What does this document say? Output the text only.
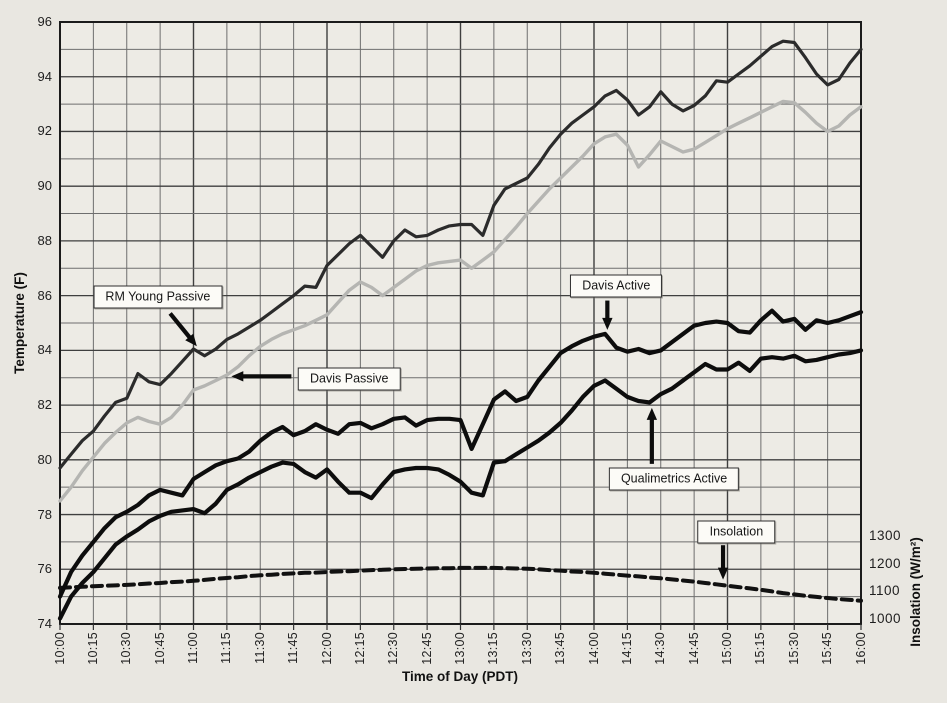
Temperature (F)
Insolation (W/m²)
Time of Day (PDT)
96
94
92
90
88
86
84
82
80
78
76
74
1300
1200
1100
1000
10:00 10:15 10:30 10:45 11:00 11:15 11:30 11:45 12:00 12:15 12:30 12:45 13:00 13:15 13:30 13:45 14:00 14:15 14:30 14:45 15:00 15:15 15:30 15:45 16:00
RM Young Passive
Davis Passive
Davis Active
Qualimetrics Active
Insolation
